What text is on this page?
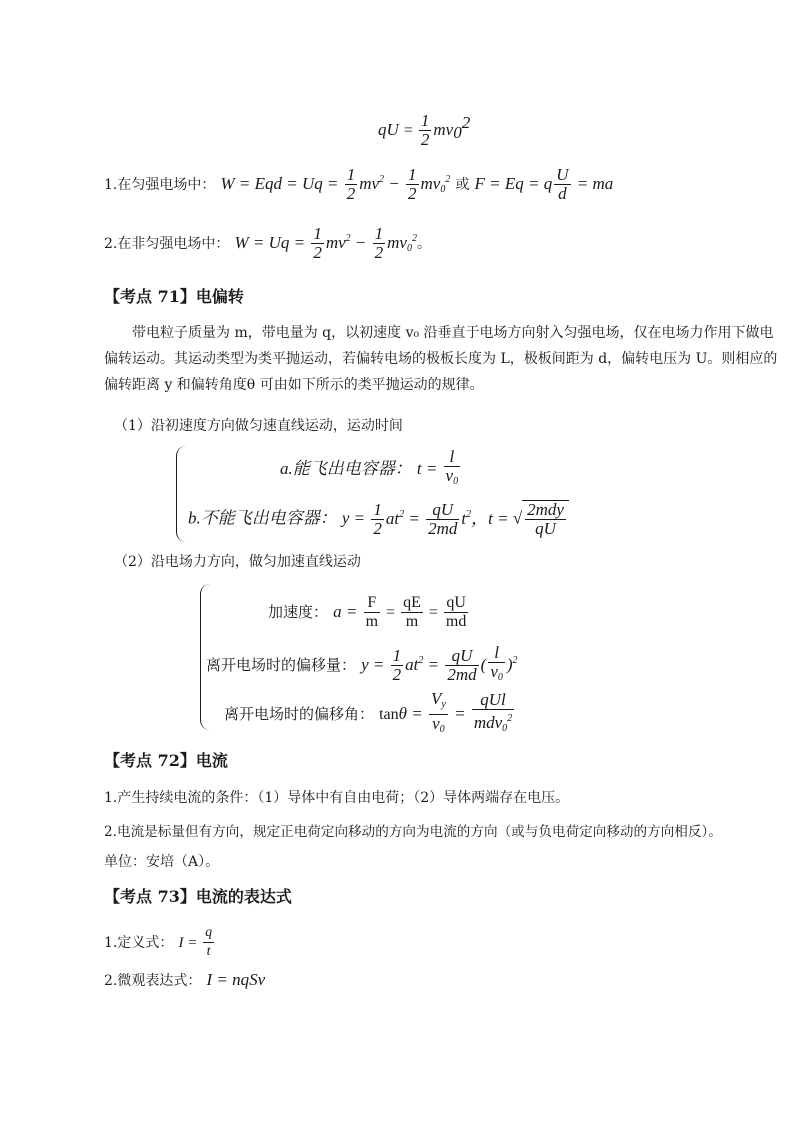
qU = $\frac{1}{2} mv_0^2$
1.在匀强电场中： W = Eqd = $Uq = \frac{1}{2} mv^2 - \frac{1}{2} mv_0^2$ 或 F = Eq = q $\frac{U}{d}$ = ma
2.在非匀强电场中： $W = Uq = \frac{1}{2} mv^2 - \frac{1}{2} mv_0^2$。
【考点 71】电偏转
带电粒子质量为 m，带电量为 q，以初速度 v₀ 沿垂直于电场方向射入匀强电场，仅在电场力作用下做电偏转运动。其运动类型为类平抛运动，若偏转电场的极板长度为 L，极板间距为 d，偏转电压为 U。则相应的偏转距离 y 和偏转角度θ 可由如下所示的类平抛运动的规律。
（1）沿初速度方向做匀速直线运动，运动时间
a.能飞出电容器： $t = \frac{l}{v_0}$
b.不能飞出电容器： $y = \frac{1}{2} at^2 = \frac{qU}{2md} t^2$，t = √ $\frac{\text{2mdy}}{qU}$
（2）沿电场力方向，做匀加速直线运动
加速度： $a = \frac{F}{m} = \frac{qE}{m} = \frac{qU}{md}$
离开电场时的偏移量： $y = \frac{1}{2} at^2 = \frac{qU}{2md}$ ( $\frac{l}{v_0} )^2$
离开电场时的偏移角： $\tan\theta = \frac{V_y}{v_0} = \frac{\text{qUl}}{mdv_0^2}$
【考点 72】电流
1.产生持续电流的条件：（1）导体中有自由电荷；（2）导体两端存在电压。
2.电流是标量但有方向，规定正电荷定向移动的方向为电流的方向（或与负电荷定向移动的方向相反）。
单位：安培（A）。
【考点 73】电流的表达式
1.定义式： $I = \frac{q}{t}$
2.微观表达式： I = nqSv
